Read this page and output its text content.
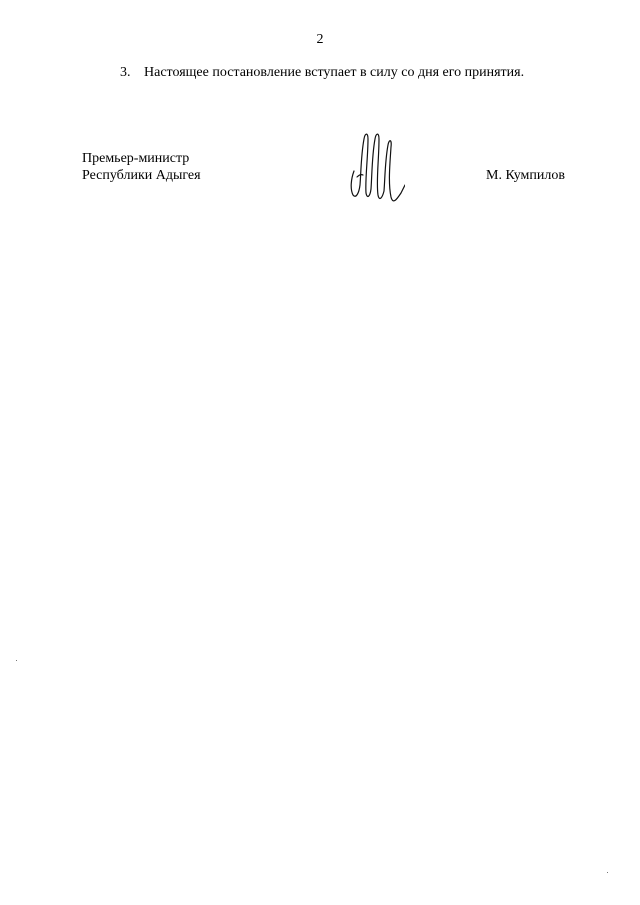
2
3. Настоящее постановление вступает в силу со дня его принятия.
Премьер-министр
Республики Адыгея	М. Кумпилов
